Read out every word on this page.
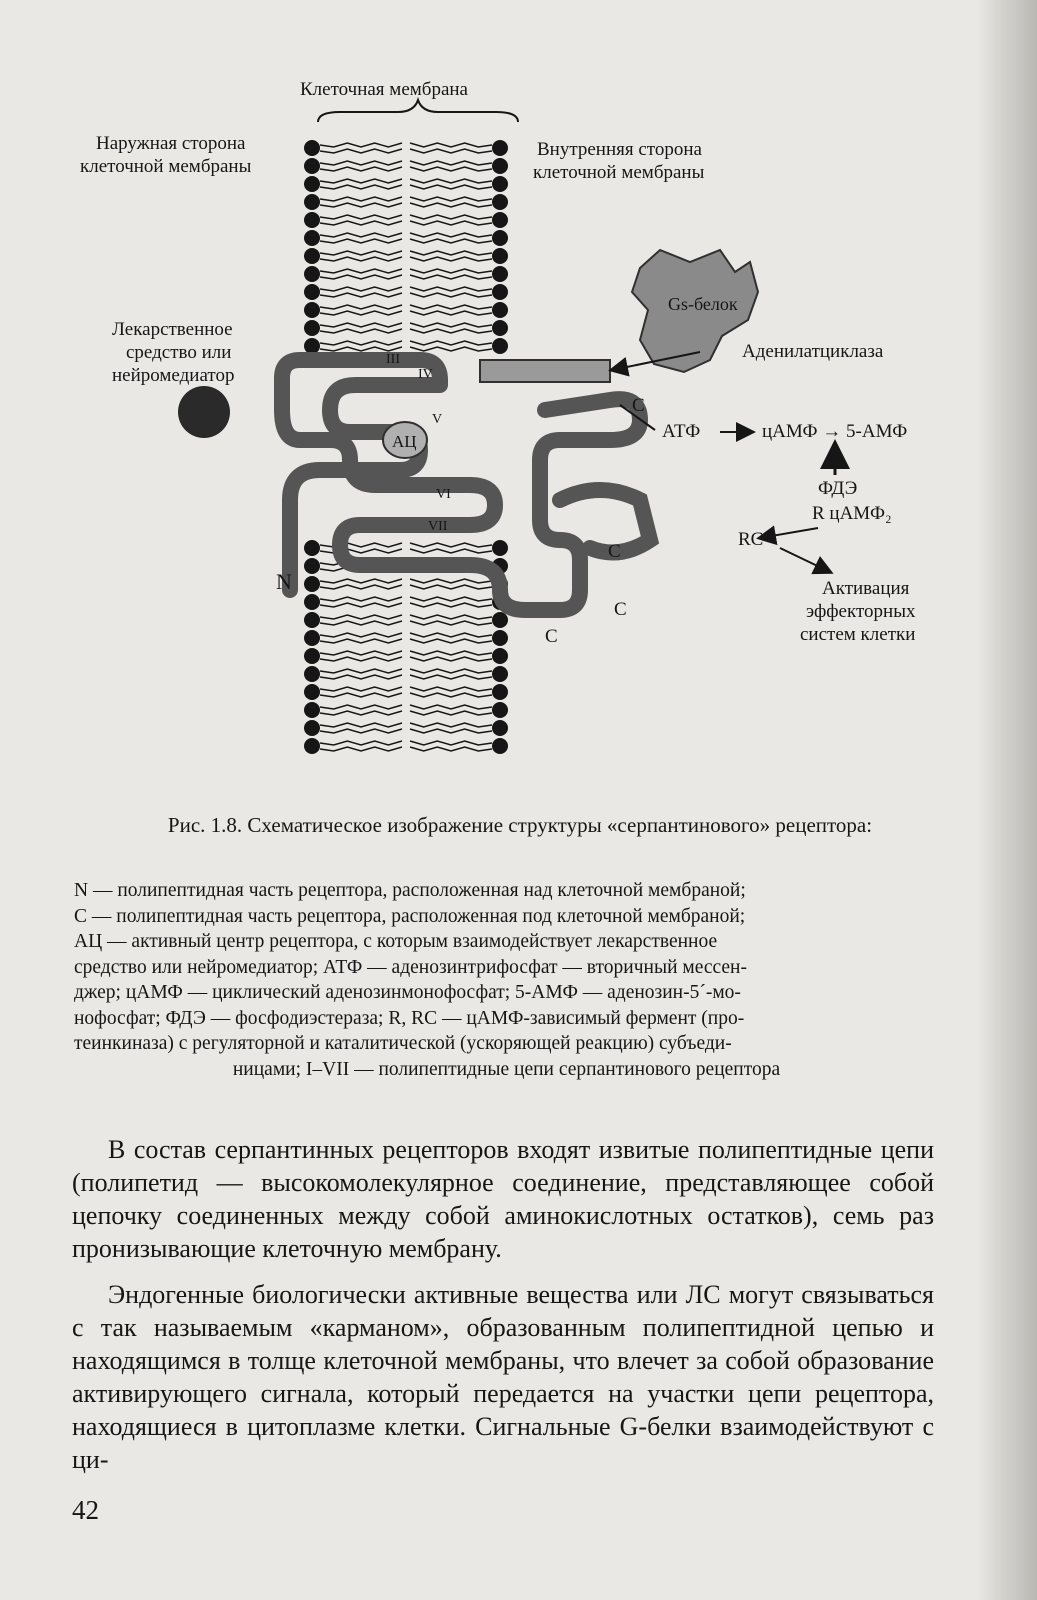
Клеточная мембрана
Наружная сторона
клеточной мембраны
Внутренняя сторона
клеточной мембраны
Лекарственное
средство или
нейромедиатор
Gs-белок
Аденилатциклаза
АТФ	цАМФ → 5-АМФ
ФДЭ
R цАМФ₂
RC
Активация
эффекторных
систем клетки
АЦ
N
C
C
C
C
III
IV
V
VI
VII
Рис. 1.8. Схематическое изображение структуры «серпантинового» рецептора:
N — полипептидная часть рецептора, расположенная над клеточной мембраной;
C — полипептидная часть рецептора, расположенная под клеточной мембраной;
АЦ — активный центр рецептора, с которым взаимодействует лекарственное
средство или нейромедиатор; АТФ — аденозинтрифосфат — вторичный мессен-
джер; цАМФ — циклический аденозинмонофосфат; 5-АМФ — аденозин-5´-мо-
нофосфат; ФДЭ — фосфодиэстераза; R, RC — цАМФ-зависимый фермент (про-
теинкиназа) с регуляторной и каталитической (ускоряющей реакцию) субъеди-
ницами; I–VII — полипептидные цепи серпантинового рецептора

В состав серпантинных рецепторов входят извитые полипептидные цепи (полипетид — высокомолекулярное соединение, представляющее собой цепочку соединенных между собой аминокислотных остатков), семь раз пронизывающие клеточную мембрану.

Эндогенные биологически активные вещества или ЛС могут связываться с так называемым «карманом», образованным полипептидной цепью и находящимся в толще клеточной мембраны, что влечет за собой образование активирующего сигнала, который передается на участки цепи рецептора, находящиеся в цитоплазме клетки. Сигнальные G-белки взаимодействуют с ци-

42
